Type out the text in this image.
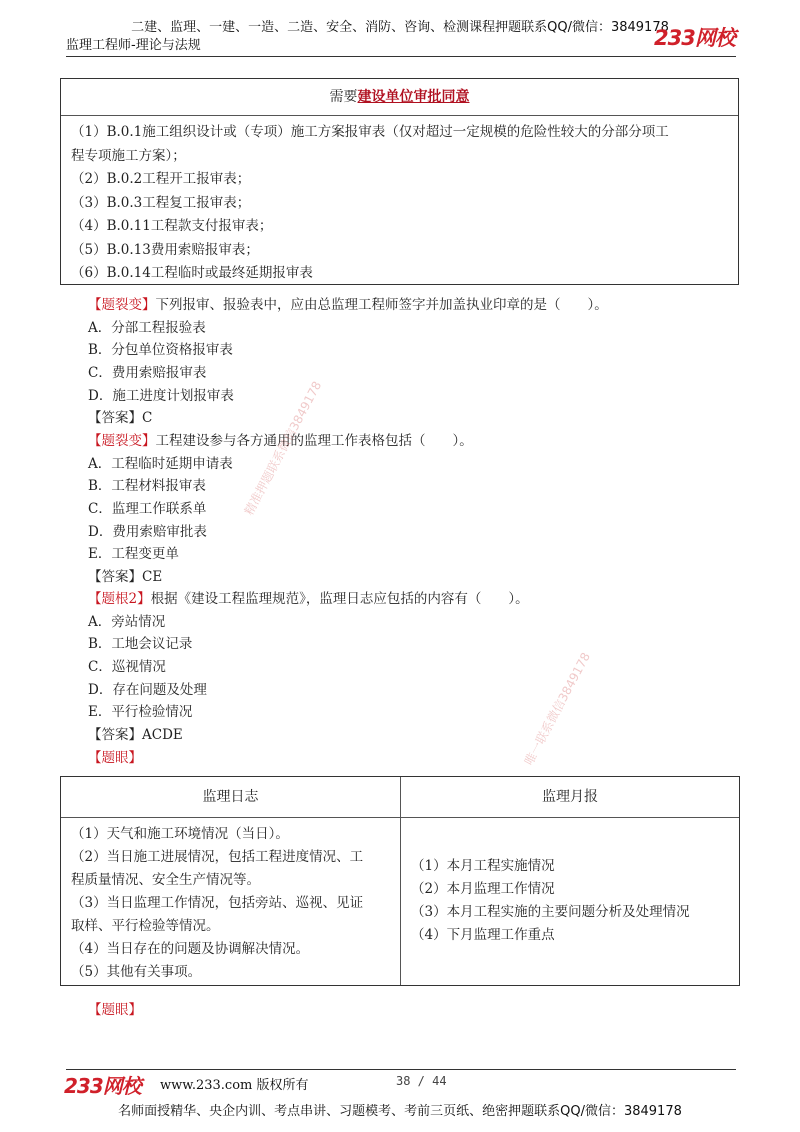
二建、监理、一建、一造、二造、安全、消防、咨询、检测课程押题联系QQ/微信：3849178
监理工程师-理论与法规	233网校
需要建设单位审批同意
（1）B.0.1施工组织设计或（专项）施工方案报审表（仅对超过一定规模的危险性较大的分部分项工
程专项施工方案）；
（2）B.0.2工程开工报审表；
（3）B.0.3工程复工报审表；
（4）B.0.11工程款支付报审表；
（5）B.0.13费用索赔报审表；
（6）B.0.14工程临时或最终延期报审表
【题裂变】下列报审、报验表中，应由总监理工程师签字并加盖执业印章的是（　　）。
A．分部工程报验表
B．分包单位资格报审表
C．费用索赔报审表
D．施工进度计划报审表
【答案】C
【题裂变】工程建设参与各方通用的监理工作表格包括（　　）。
A．工程临时延期申请表
B．工程材料报审表
C．监理工作联系单
D．费用索赔审批表
E．工程变更单
【答案】CE
【题根2】根据《建设工程监理规范》，监理日志应包括的内容有（　　）。
A．旁站情况
B．工地会议记录
C．巡视情况
D．存在问题及处理
E．平行检验情况
【答案】ACDE
【题眼】
监理日志	监理月报
（1）天气和施工环境情况（当日）。
（2）当日施工进展情况，包括工程进度情况、工
程质量情况、安全生产情况等。
（3）当日监理工作情况，包括旁站、巡视、见证
取样、平行检验等情况。
（4）当日存在的问题及协调解决情况。
（5）其他有关事项。
（1）本月工程实施情况
（2）本月监理工作情况
（3）本月工程实施的主要问题分析及处理情况
（4）下月监理工作重点
【题眼】
精准押题联系微信3849178
唯一联系微信3849178
233网校 www.233.com 版权所有	38 / 44
名师面授精华、央企内训、考点串讲、习题模考、考前三页纸、绝密押题联系QQ/微信：3849178
